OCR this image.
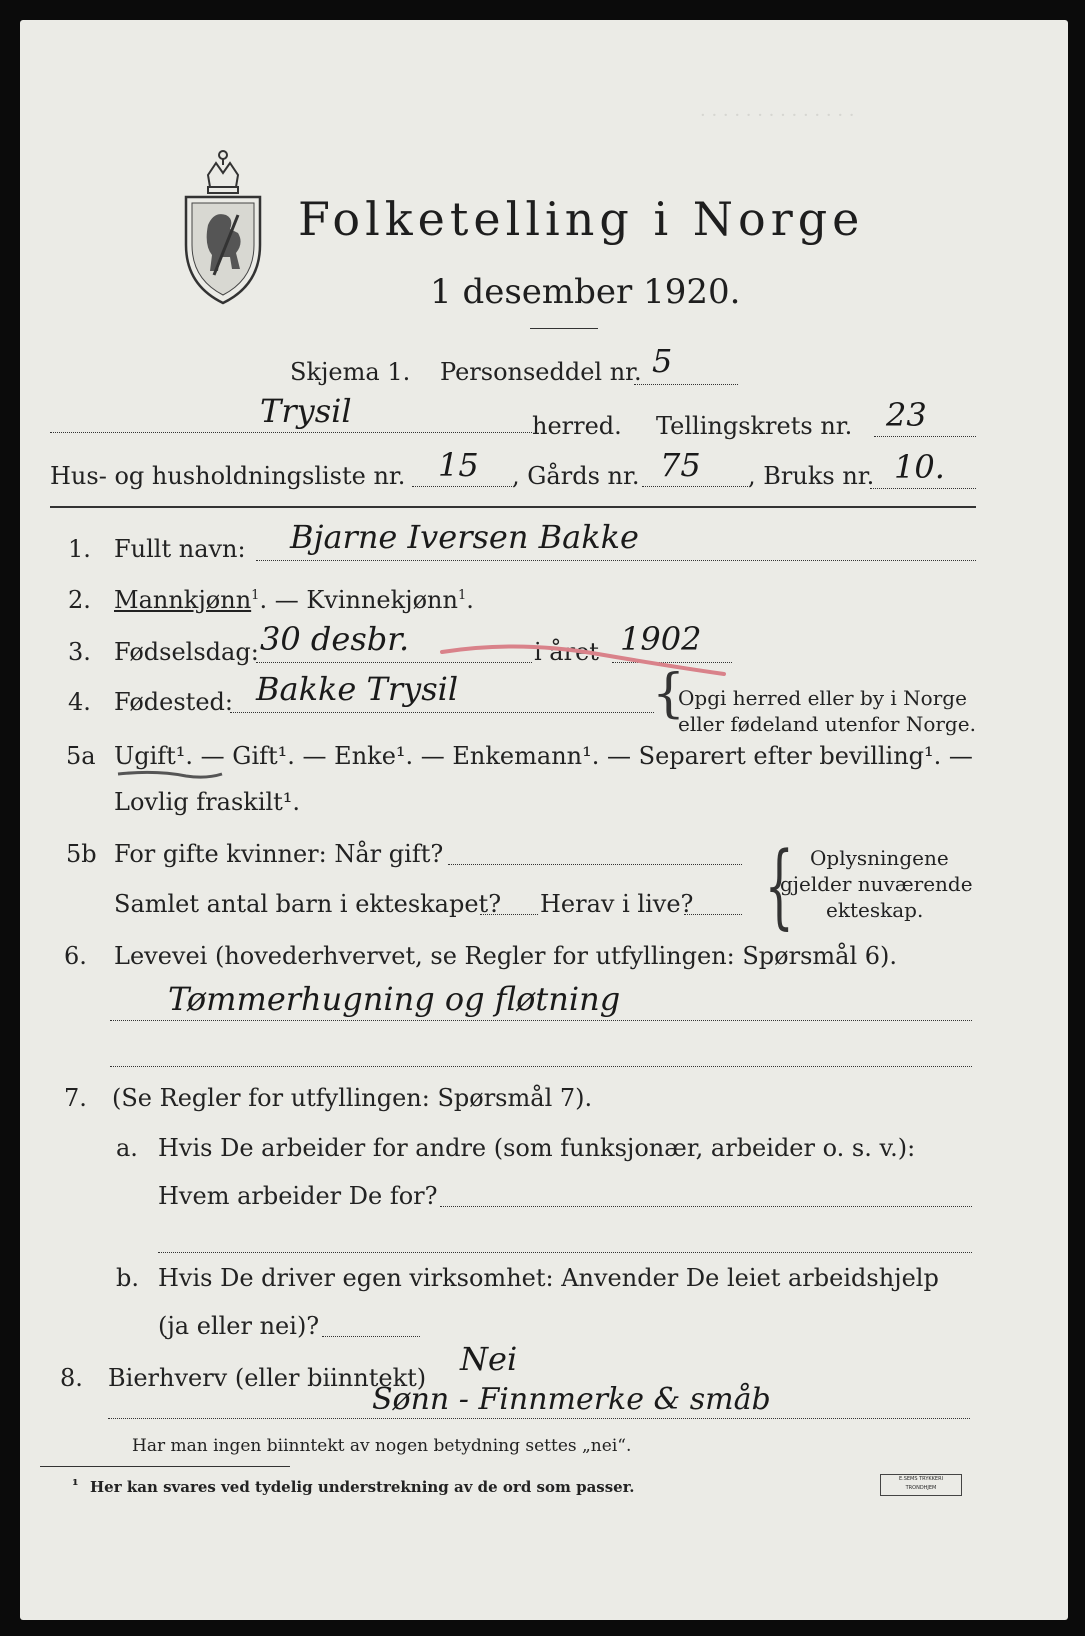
Folketelling i Norge
1 desember 1920.
· · · · · · · · · · · · · ·
Skjema 1. Personseddel nr. 5
Trysil	herred. Tellingskrets nr. 23
Hus- og husholdningsliste nr. 15 , Gårds nr. 75 , Bruks nr. 10.
1. Fullt navn: Bjarne Iversen Bakke
2. Mannkjønn$^1$. — Kvinnekjønn$^1$.
3. Fødselsdag: 30 desbr.	i året 1902
4. Fødested: Bakke Trysil	{
Opgi herred eller by i Norge
eller fødeland utenfor Norge.
5a Ugift¹. — Gift¹. — Enke¹. — Enkemann¹. — Separert efter bevilling¹. —
Lovlig fraskilt¹.
5b For gifte kvinner: Når gift?
Samlet antal barn i ekteskapet? Herav i live? { Oplysningene
gjelder nuværende
ekteskap.
6. Levevei (hovederhvervet, se Regler for utfyllingen: Spørsmål 6).
Tømmerhugning og fløtning
7. (Se Regler for utfyllingen: Spørsmål 7).
a. Hvis De arbeider for andre (som funksjonær, arbeider o. s. v.):
Hvem arbeider De for?
b. Hvis De driver egen virksomhet: Anvender De leiet arbeidshjelp
(ja eller nei)?
8. Bierhverv (eller biinntekt) Nei
Sønn - Finnmerke & småb
Har man ingen biinntekt av nogen betydning settes „nei“.
¹ Her kan svares ved tydelig understrekning av de ord som passer.	E.SEMS TRYKKERI
TRONDHJEM
